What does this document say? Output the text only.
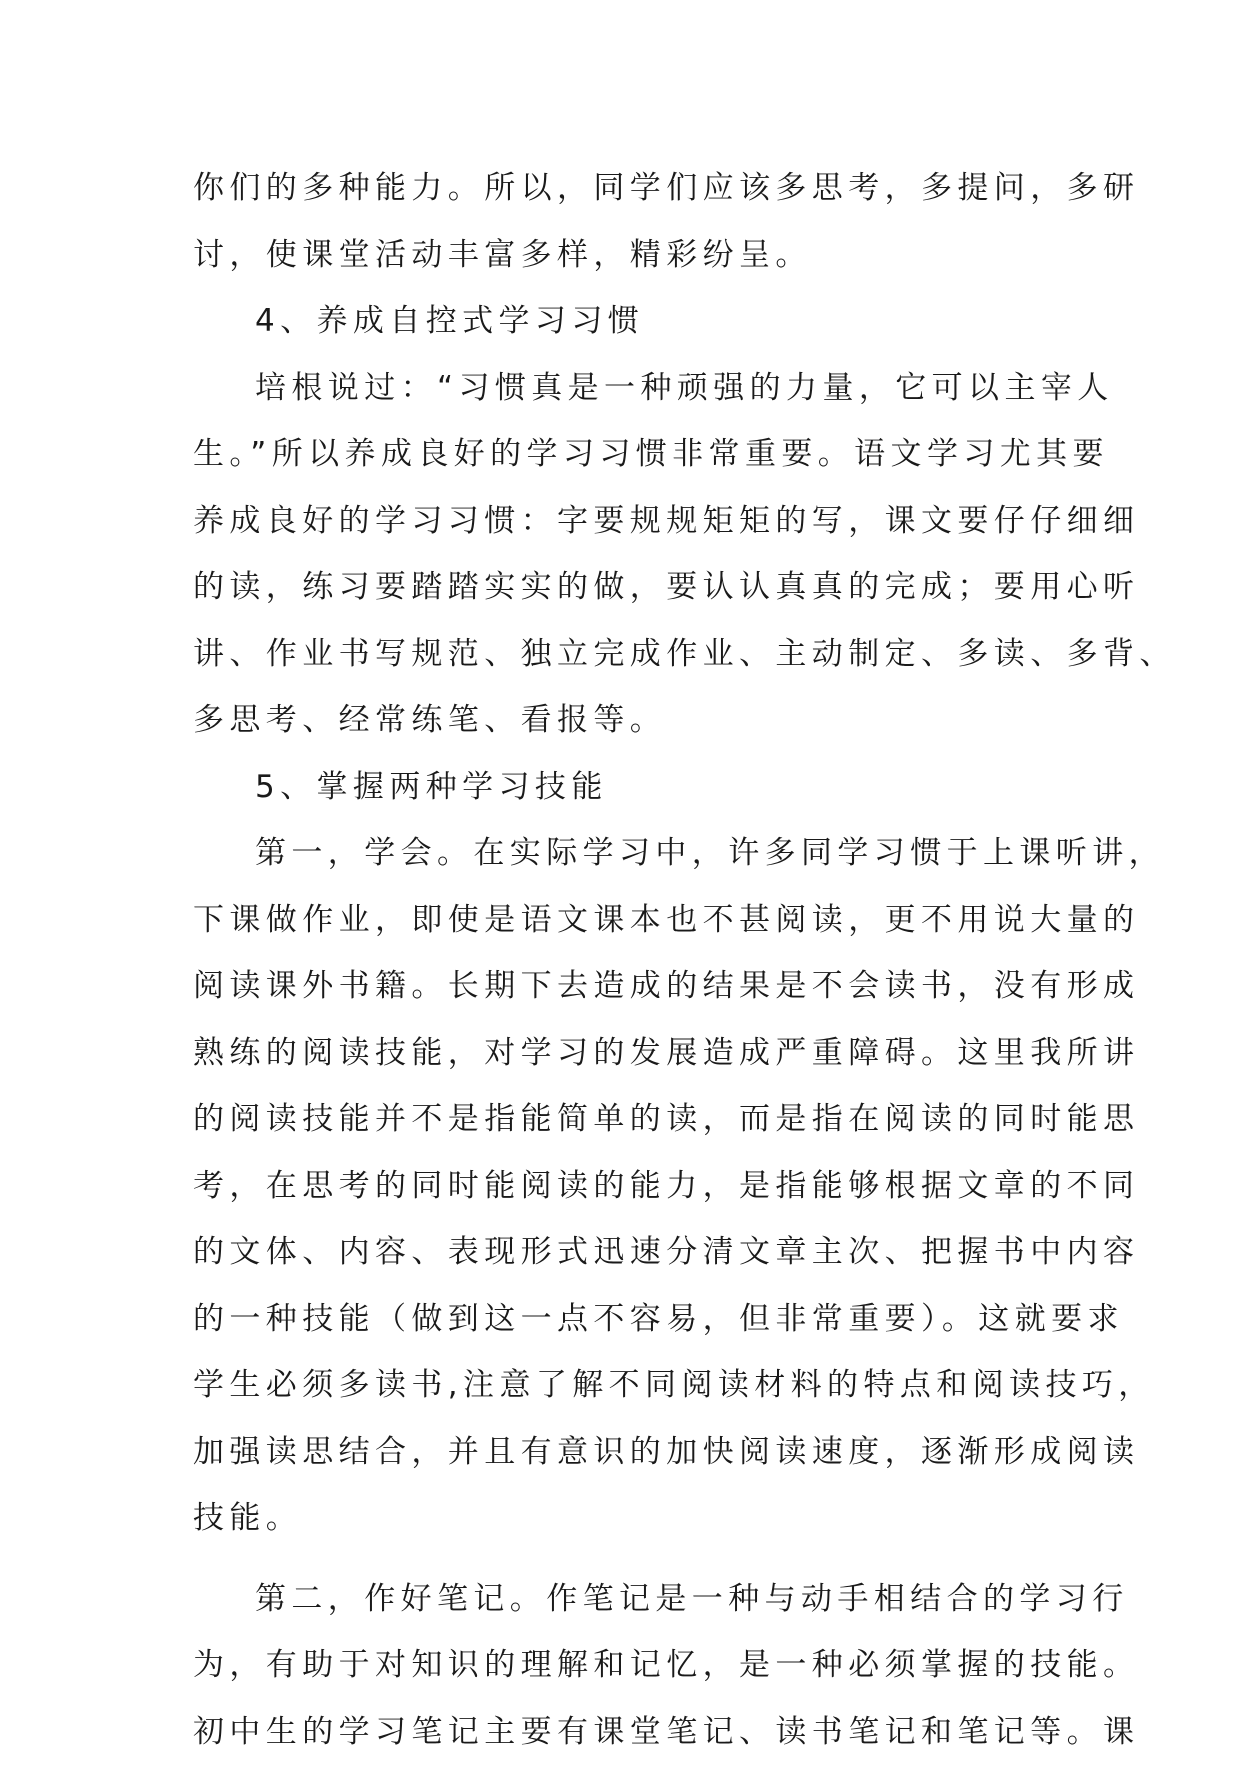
你们的多种能力。所以，同学们应该多思考，多提问，多研
讨，使课堂活动丰富多样，精彩纷呈。
4、养成自控式学习习惯
培根说过：“习惯真是一种顽强的力量，它可以主宰人
生。”所以养成良好的学习习惯非常重要。语文学习尤其要
养成良好的学习习惯：字要规规矩矩的写，课文要仔仔细细
的读，练习要踏踏实实的做，要认认真真的完成；要用心听
讲、作业书写规范、独立完成作业、主动制定、多读、多背、
多思考、经常练笔、看报等。
5、掌握两种学习技能
第一，学会。在实际学习中，许多同学习惯于上课听讲，
下课做作业，即使是语文课本也不甚阅读，更不用说大量的
阅读课外书籍。长期下去造成的结果是不会读书，没有形成
熟练的阅读技能，对学习的发展造成严重障碍。这里我所讲
的阅读技能并不是指能简单的读，而是指在阅读的同时能思
考，在思考的同时能阅读的能力，是指能够根据文章的不同
的文体、内容、表现形式迅速分清文章主次、把握书中内容
的一种技能（做到这一点不容易，但非常重要）。这就要求
学生必须多读书,注意了解不同阅读材料的特点和阅读技巧，
加强读思结合，并且有意识的加快阅读速度，逐渐形成阅读
技能。
第二，作好笔记。作笔记是一种与动手相结合的学习行
为，有助于对知识的理解和记忆，是一种必须掌握的技能。
初中生的学习笔记主要有课堂笔记、读书笔记和笔记等。课
